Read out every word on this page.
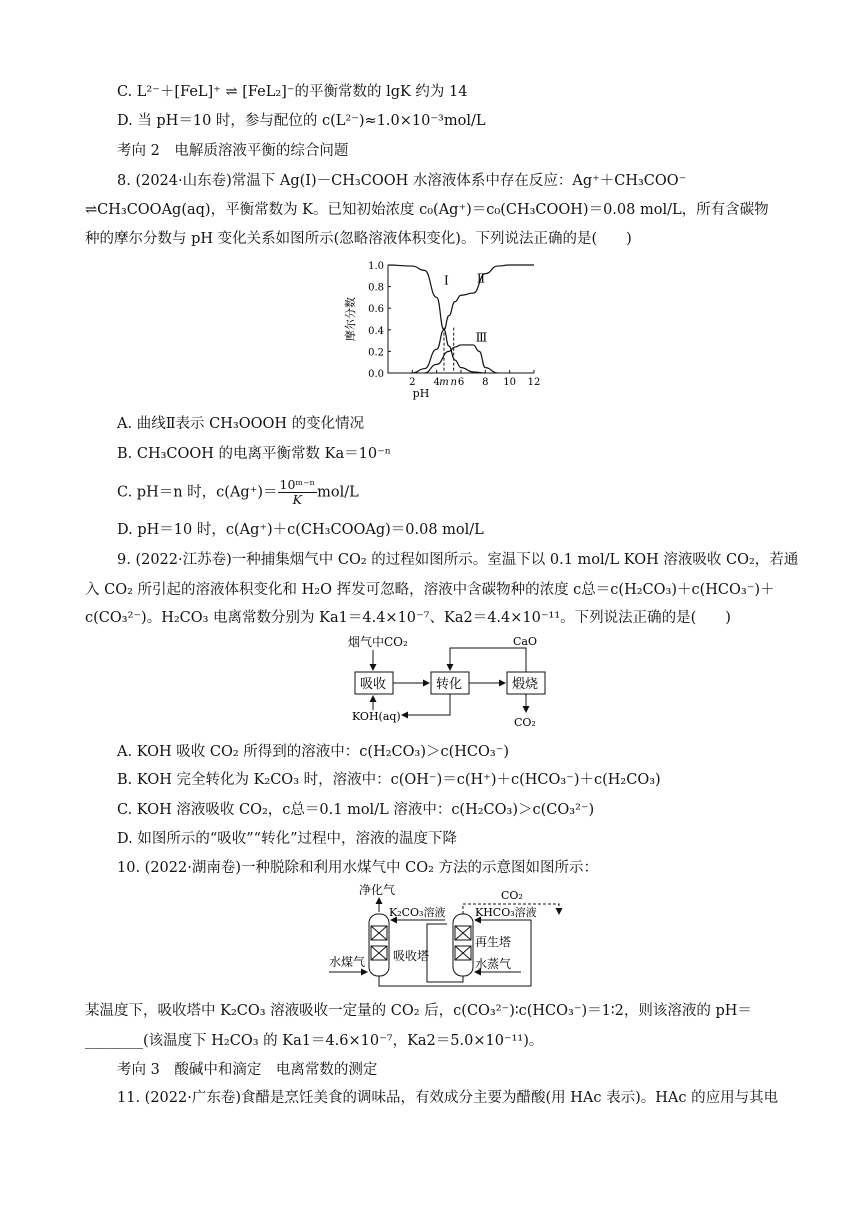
C. L²⁻＋[FeL]⁺ ⇌ [FeL₂]⁻的平衡常数的 lgK 约为 14
D. 当 pH＝10 时，参与配位的 c(L²⁻)≈1.0×10⁻³mol/L
考向 2　电解质溶液平衡的综合问题
8. (2024·山东卷)常温下 Ag(Ⅰ)－CH₃COOH 水溶液体系中存在反应：Ag⁺＋CH₃COO⁻
⇌CH₃COOAg(aq)，平衡常数为 K。已知初始浓度 c₀(Ag⁺)＝c₀(CH₃COOH)＝0.08 mol/L，所有含碳物
种的摩尔分数与 pH 变化关系如图所示(忽略溶液体积变化)。下列说法正确的是(　　)
0.0
0.2
0.4
0.6
0.8
1.0
2 4 m n 6 8 10 12
pH
摩尔分数
Ⅰ Ⅱ
Ⅲ
A. 曲线Ⅱ表示 CH₃OOOH 的变化情况
B. CH₃COOH 的电离平衡常数 Ka＝10⁻ⁿ
C. pH＝n 时，$c(Ag^+)= \frac{\text{10ᵐ⁻ⁿ}}{K} mol/L$
D. pH＝10 时，c(Ag⁺)＋c(CH₃COOAg)＝0.08 mol/L
9. (2022·江苏卷)一种捕集烟气中 CO₂ 的过程如图所示。室温下以 0.1 mol/L KOH 溶液吸收 CO₂，若通
入 CO₂ 所引起的溶液体积变化和 H₂O 挥发可忽略，溶液中含碳物种的浓度 c总＝c(H₂CO₃)＋c(HCO₃⁻)＋
c(CO₃²⁻)。H₂CO₃ 电离常数分别为 Ka1＝4.4×10⁻⁷、Ka2＝4.4×10⁻¹¹。下列说法正确的是(　　)
烟气中CO₂
吸收	转化	煅烧
CaO
CO₂
KOH(aq)
A. KOH 吸收 CO₂ 所得到的溶液中：c(H₂CO₃)＞c(HCO₃⁻)
B. KOH 完全转化为 K₂CO₃ 时，溶液中：c(OH⁻)＝c(H⁺)＋c(HCO₃⁻)＋c(H₂CO₃)
C. KOH 溶液吸收 CO₂，c总＝0.1 mol/L 溶液中：c(H₂CO₃)＞c(CO₃²⁻)
D. 如图所示的“吸收”“转化”过程中，溶液的温度下降
10. (2022·湖南卷)一种脱除和利用水煤气中 CO₂ 方法的示意图如图所示：
净化气
吸收塔
再生塔
水蒸气
K₂CO₃溶液	KHCO₃溶液
CO₂
水煤气
某温度下，吸收塔中 K₂CO₃ 溶液吸收一定量的 CO₂ 后，c(CO₃²⁻)∶c(HCO₃⁻)＝1∶2，则该溶液的 pH＝
________(该温度下 H₂CO₃ 的 Ka1＝4.6×10⁻⁷，Ka2＝5.0×10⁻¹¹)。
考向 3　酸碱中和滴定　电离常数的测定
11. (2022·广东卷)食醋是烹饪美食的调味品，有效成分主要为醋酸(用 HAc 表示)。HAc 的应用与其电
